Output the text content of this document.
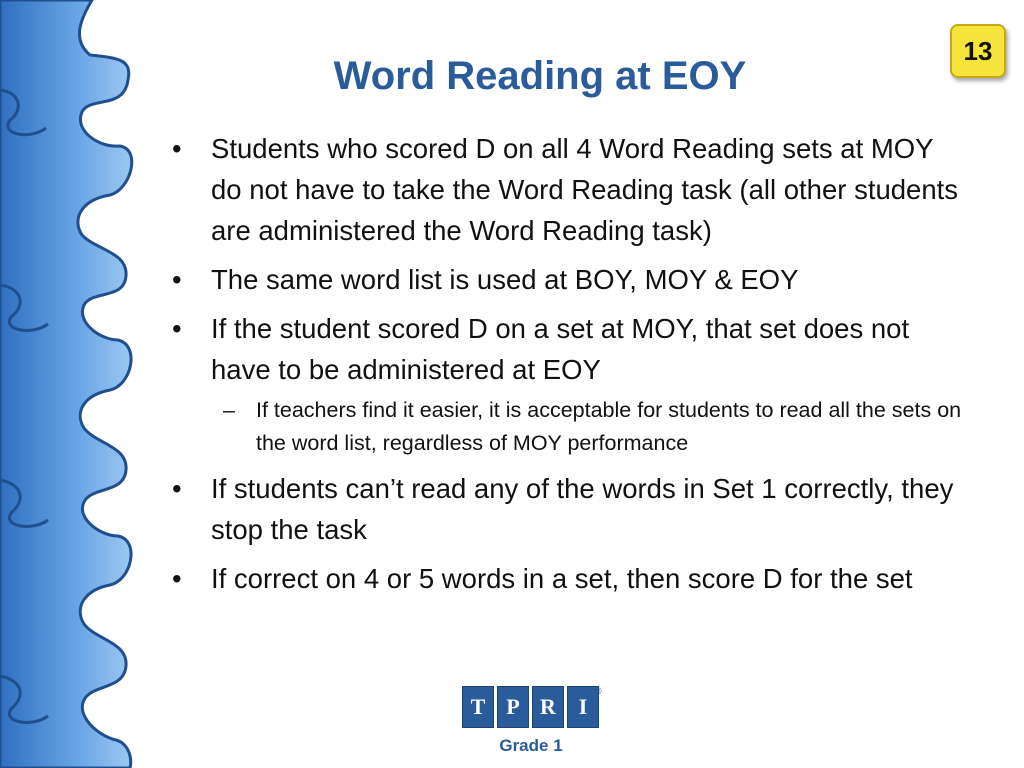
13
Word Reading at EOY
• Students who scored D on all 4 Word Reading sets at MOY do not have to take the Word Reading task (all other students are administered the Word Reading task)
• The same word list is used at BOY, MOY & EOY
• If the student scored D on a set at MOY, that set does not have to be administered at EOY
– If teachers find it easier, it is acceptable for students to read all the sets on the word list, regardless of MOY performance
• If students can’t read any of the words in Set 1 correctly, they stop the task
• If correct on 4 or 5 words in a set, then score D for the set
T P R	I
®
Grade 1
